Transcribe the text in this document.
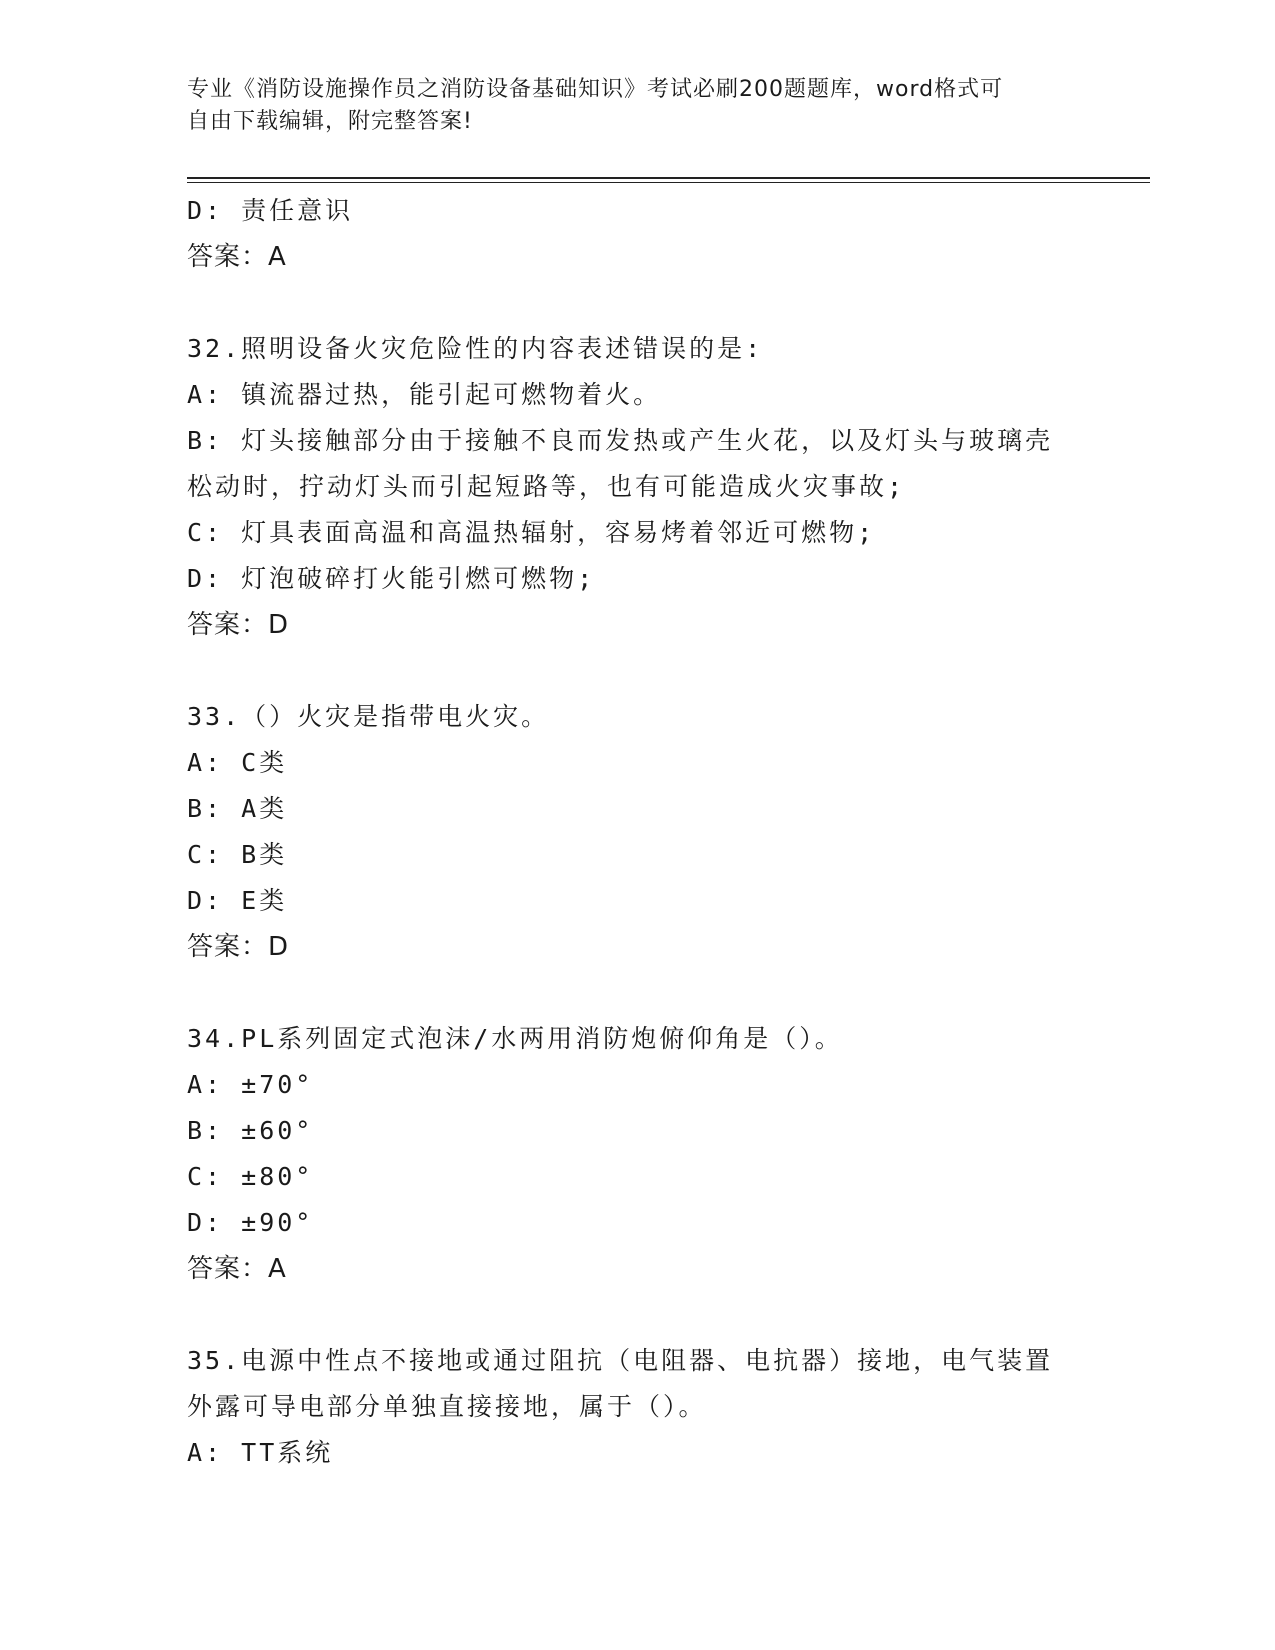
专业《消防设施操作员之消防设备基础知识》考试必刷200题题库，word格式可
自由下载编辑，附完整答案!
D: 责任意识
答案：A
32.照明设备火灾危险性的内容表述错误的是:
A: 镇流器过热，能引起可燃物着火。
B: 灯头接触部分由于接触不良而发热或产生火花，以及灯头与玻璃壳
松动时，拧动灯头而引起短路等，也有可能造成火灾事故;
C: 灯具表面高温和高温热辐射，容易烤着邻近可燃物;
D: 灯泡破碎打火能引燃可燃物;
答案：D
33.（）火灾是指带电火灾。
A: C类
B: A类
C: B类
D: E类
答案：D
34.PL系列固定式泡沫/水两用消防炮俯仰角是（）。
A: ±70°
B: ±60°
C: ±80°
D: ±90°
答案：A
35.电源中性点不接地或通过阻抗（电阻器、电抗器）接地，电气装置
外露可导电部分单独直接接地，属于（）。
A: TT系统
